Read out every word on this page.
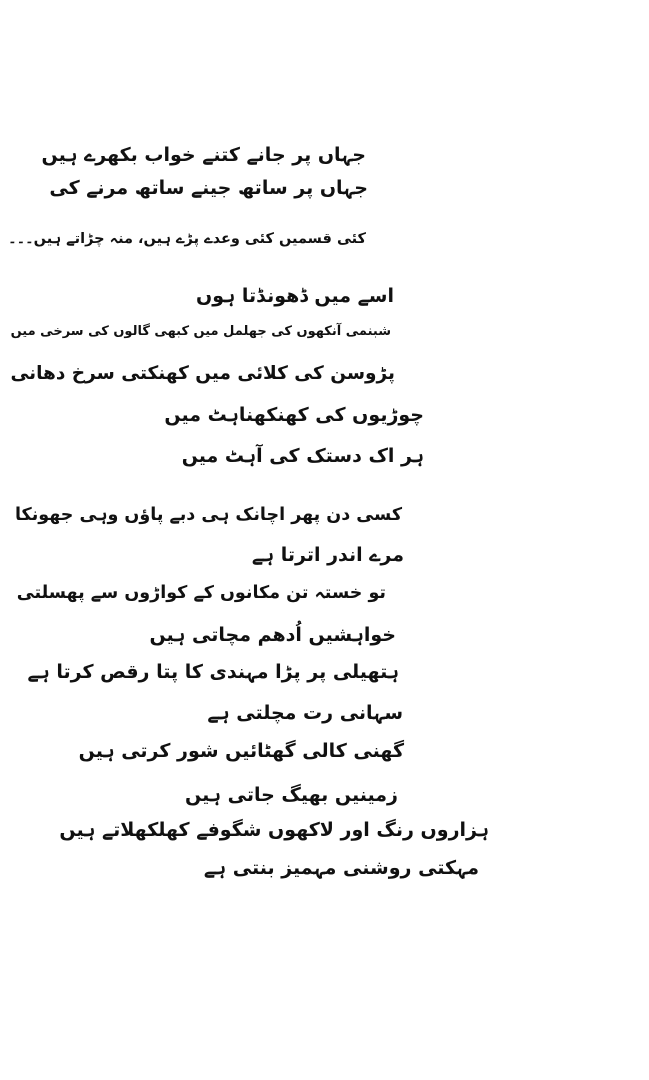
جہاں پر جانے کتنے خواب بکھرے ہیں
جہاں پر ساتھ جینے ساتھ مرنے کی
کئی قسمیں کئی وعدے پڑے ہیں، منہ چڑاتے ہیں۔۔۔
اسے میں ڈھونڈتا ہوں
شبنمی آنکھوں کی جھلمل میں کبھی گالوں کی سرخی میں
پڑوسن کی کلائی میں کھنکتی سرخ دھانی
چوڑیوں کی کھنکھناہٹ میں
ہر اک دستک کی آہٹ میں
کسی دن پھر اچانک ہی دبے پاؤں وہی جھونکا
مرے اندر اترتا ہے
تو خستہ تن مکانوں کے کواڑوں سے پھسلتی
خواہشیں اُدھم مچاتی ہیں
ہتھیلی پر پڑا مہندی کا پتا رقص کرتا ہے
سہانی رت مچلتی ہے
گھنی کالی گھٹائیں شور کرتی ہیں
زمینیں بھیگ جاتی ہیں
ہزاروں رنگ اور لاکھوں شگوفے کھلکھلاتے ہیں
مہکتی روشنی مہمیز بنتی ہے
